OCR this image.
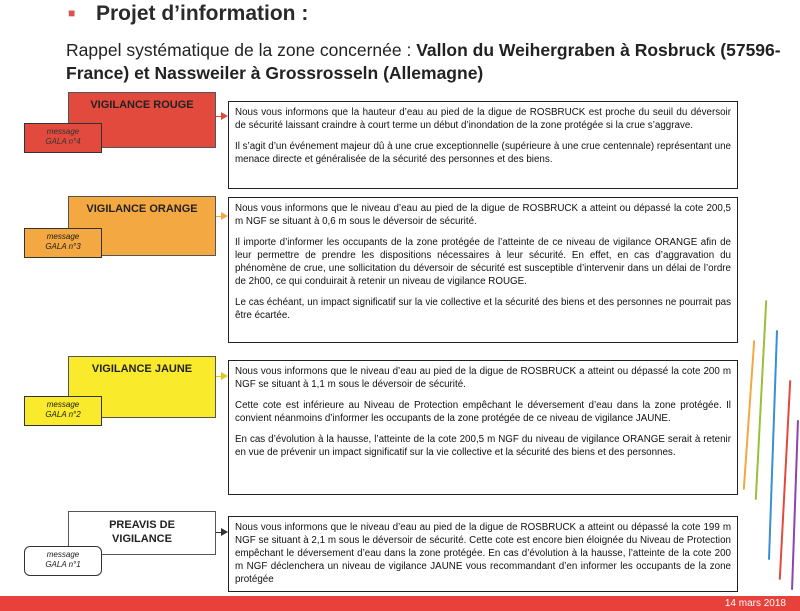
■ Projet d’information :
Rappel systématique de la zone concernée : Vallon du Weihergraben à Rosbruck (57596-France) et Nassweiler à Grossrosseln (Allemagne)
VIGILANCE ROUGE
message
GALA n°4

Nous vous informons que la hauteur d’eau au pied de la digue de ROSBRUCK est proche du seuil du déversoir de sécurité laissant craindre à court terme un début d’inondation de la zone protégée si la crue s’aggrave.

Il s’agit d’un événement majeur dû à une crue exceptionnelle (supérieure à une crue centennale) représentant une menace directe et généralisée de la sécurité des personnes et des biens.

VIGILANCE ORANGE
message
GALA n°3

Nous vous informons que le niveau d’eau au pied de la digue de ROSBRUCK a atteint ou dépassé la cote 200,5 m NGF se situant à 0,6 m sous le déversoir de sécurité.

Il importe d’informer les occupants de la zone protégée de l’atteinte de ce niveau de vigilance ORANGE afin de leur permettre de prendre les dispositions nécessaires à leur sécurité. En effet, en cas d’aggravation du phénomène de crue, une sollicitation du déversoir de sécurité est susceptible d’intervenir dans un délai de l’ordre de 2h00, ce qui conduirait à retenir un niveau de vigilance ROUGE.

Le cas échéant, un impact significatif sur la vie collective et la sécurité des biens et des personnes ne pourrait pas être écartée.

VIGILANCE JAUNE
message
GALA n°2

Nous vous informons que le niveau d’eau au pied de la digue de ROSBRUCK a atteint ou dépassé la cote 200 m NGF se situant à 1,1 m sous le déversoir de sécurité.

Cette cote est inférieure au Niveau de Protection empêchant le déversement d’eau dans la zone protégée. Il convient néanmoins d’informer les occupants de la zone protégée de ce niveau de vigilance JAUNE.

En cas d’évolution à la hausse, l’atteinte de la cote 200,5 m NGF du niveau de vigilance ORANGE serait à retenir en vue de prévenir un impact significatif sur la vie collective et la sécurité des biens et des personnes.

PREAVIS DE
VIGILANCE
message
GALA n°1

Nous vous informons que le niveau d’eau au pied de la digue de ROSBRUCK a atteint ou dépassé la cote 199 m NGF se situant à 2,1 m sous le déversoir de sécurité. Cette cote est encore bien éloignée du Niveau de Protection empêchant le déversement d’eau dans la zone protégée. En cas d’évolution à la hausse, l’atteinte de la cote 200 m NGF déclenchera un niveau de vigilance JAUNE vous recommandant d’en informer les occupants de la zone protégée

14 mars 2018
